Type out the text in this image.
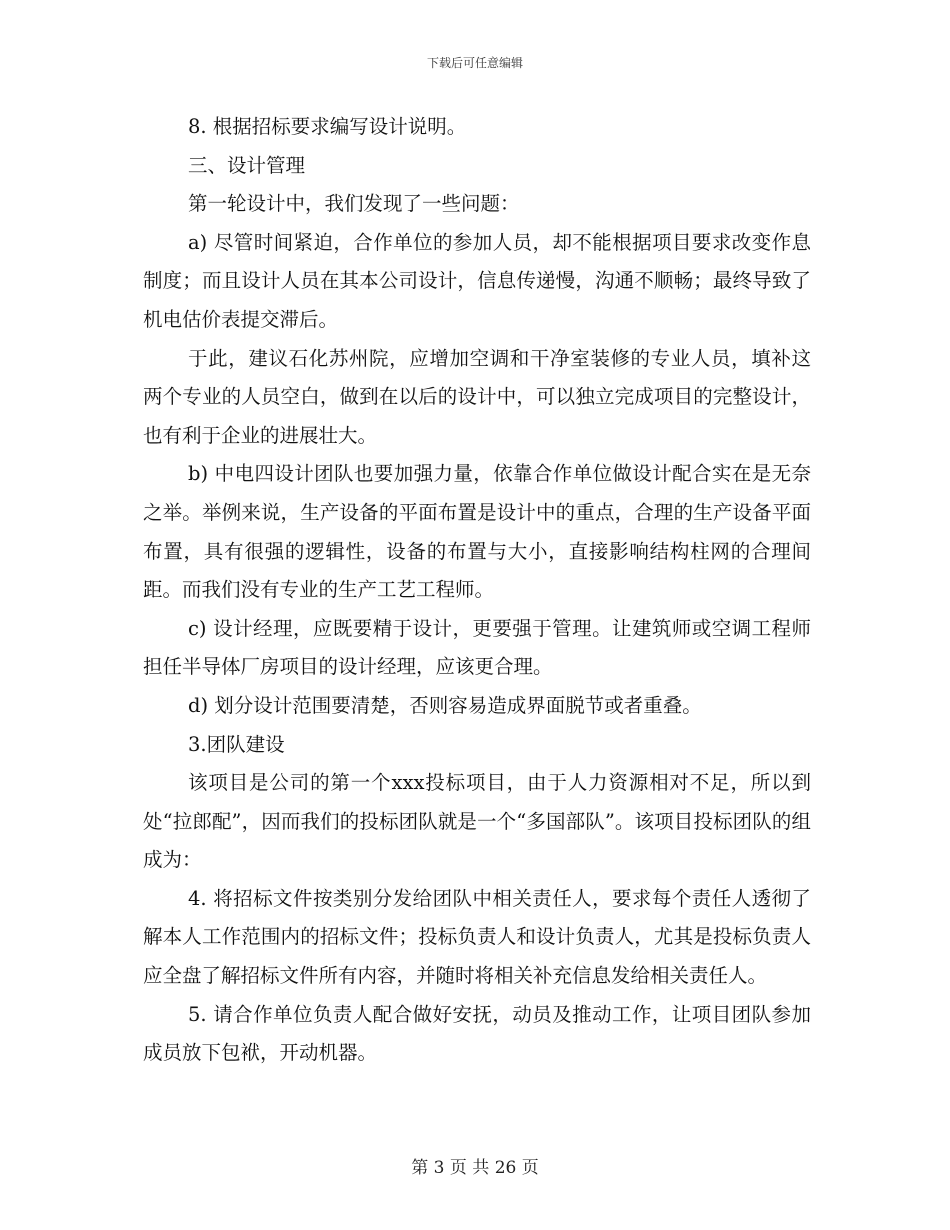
下载后可任意编辑

8. 根据招标要求编写设计说明。

三、设计管理

第一轮设计中，我们发现了一些问题：

a) 尽管时间紧迫，合作单位的参加人员，却不能根据项目要求改变作息制度；而且设计人员在其本公司设计，信息传递慢，沟通不顺畅；最终导致了机电估价表提交滞后。

于此，建议石化苏州院，应增加空调和干净室装修的专业人员，填补这两个专业的人员空白，做到在以后的设计中，可以独立完成项目的完整设计，也有利于企业的进展壮大。

b) 中电四设计团队也要加强力量，依靠合作单位做设计配合实在是无奈之举。举例来说，生产设备的平面布置是设计中的重点，合理的生产设备平面布置，具有很强的逻辑性，设备的布置与大小，直接影响结构柱网的合理间距。而我们没有专业的生产工艺工程师。

c) 设计经理，应既要精于设计，更要强于管理。让建筑师或空调工程师担任半导体厂房项目的设计经理，应该更合理。

d) 划分设计范围要清楚，否则容易造成界面脱节或者重叠。

3.团队建设

该项目是公司的第一个xxx投标项目，由于人力资源相对不足，所以到处“拉郎配”，因而我们的投标团队就是一个“多国部队”。该项目投标团队的组成为：

4. 将招标文件按类别分发给团队中相关责任人，要求每个责任人透彻了解本人工作范围内的招标文件；投标负责人和设计负责人，尤其是投标负责人应全盘了解招标文件所有内容，并随时将相关补充信息发给相关责任人。

5. 请合作单位负责人配合做好安抚，动员及推动工作，让项目团队参加成员放下包袱，开动机器。

第 3 页 共 26 页
